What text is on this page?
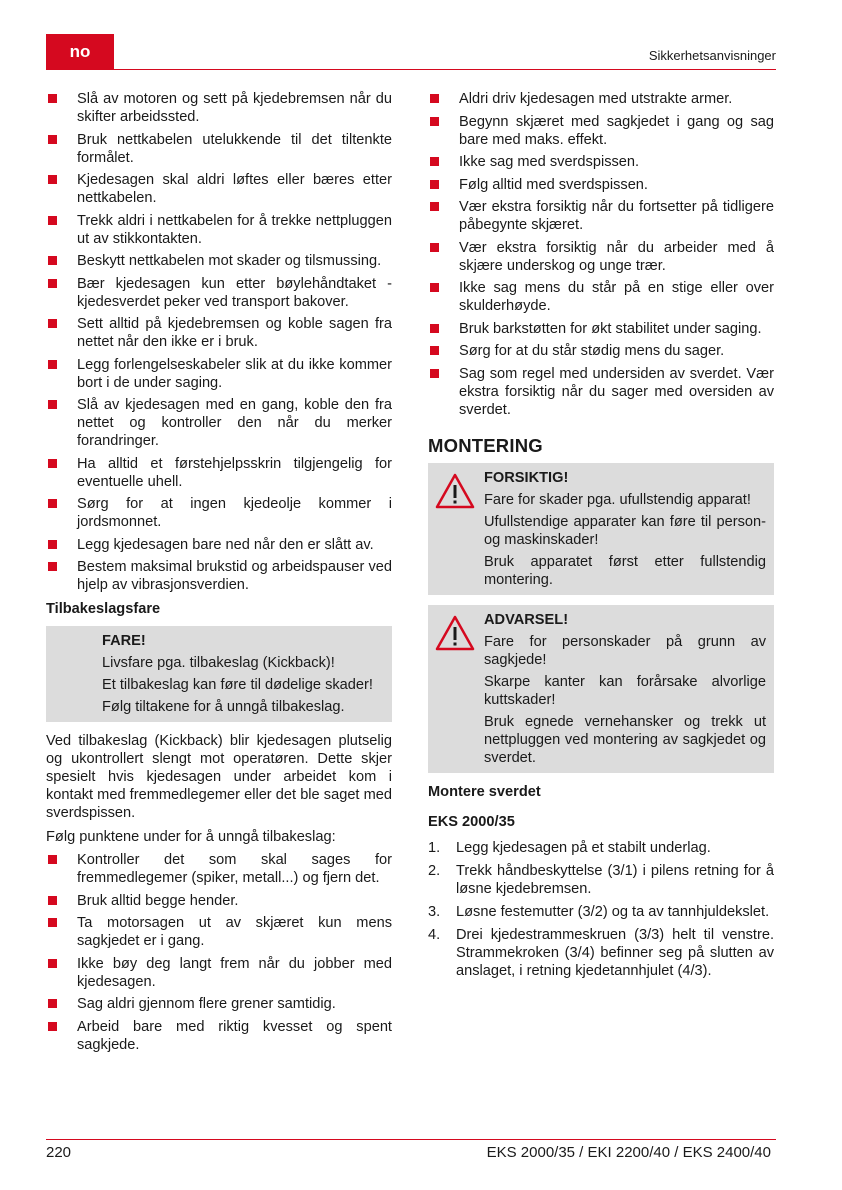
no	Sikkerhetsanvisninger
Slå av motoren og sett på kjedebremsen når du skifter arbeidssted.
Bruk nettkabelen utelukkende til det tiltenkte formålet.
Kjedesagen skal aldri løftes eller bæres etter nettkabelen.
Trekk aldri i nettkabelen for å trekke nettpluggen ut av stikkontakten.
Beskytt nettkabelen mot skader og tilsmussing.
Bær kjedesagen kun etter bøylehåndtaket - kjedesverdet peker ved transport bakover.
Sett alltid på kjedebremsen og koble sagen fra nettet når den ikke er i bruk.
Legg forlengelseskabeler slik at du ikke kommer bort i de under saging.
Slå av kjedesagen med en gang, koble den fra nettet og kontroller den når du merker forandringer.
Ha alltid et førstehjelpsskrin tilgjengelig for eventuelle uhell.
Sørg for at ingen kjedeolje kommer i jordsmonnet.
Legg kjedesagen bare ned når den er slått av.
Bestem maksimal brukstid og arbeidspauser ved hjelp av vibrasjonsverdien.
Tilbakeslagsfare
FARE!
Livsfare pga. tilbakeslag (Kickback)!
Et tilbakeslag kan føre til dødelige skader!
Følg tiltakene for å unngå tilbakeslag.
Ved tilbakeslag (Kickback) blir kjedesagen plutselig og ukontrollert slengt mot operatøren. Dette skjer spesielt hvis kjedesagen under arbeidet kom i kontakt med fremmedlegemer eller det ble saget med sverdspissen.
Følg punktene under for å unngå tilbakeslag:
Kontroller det som skal sages for fremmedlegemer (spiker, metall...) og fjern det.
Bruk alltid begge hender.
Ta motorsagen ut av skjæret kun mens sagkjedet er i gang.
Ikke bøy deg langt frem når du jobber med kjedesagen.
Sag aldri gjennom flere grener samtidig.
Arbeid bare med riktig kvesset og spent sagkjede.
Aldri driv kjedesagen med utstrakte armer.
Begynn skjæret med sagkjedet i gang og sag bare med maks. effekt.
Ikke sag med sverdspissen.
Følg alltid med sverdspissen.
Vær ekstra forsiktig når du fortsetter på tidligere påbegynte skjæret.
Vær ekstra forsiktig når du arbeider med å skjære underskog og unge trær.
Ikke sag mens du står på en stige eller over skulderhøyde.
Bruk barkstøtten for økt stabilitet under saging.
Sørg for at du står stødig mens du sager.
Sag som regel med undersiden av sverdet. Vær ekstra forsiktig når du sager med oversiden av sverdet.
MONTERING
FORSIKTIG!
Fare for skader pga. ufullstendig apparat!
Ufullstendige apparater kan føre til person- og maskinskader!
Bruk apparatet først etter fullstendig montering.
ADVARSEL!
Fare for personskader på grunn av sagkjede!
Skarpe kanter kan forårsake alvorlige kuttskader!
Bruk egnede vernehansker og trekk ut nettpluggen ved montering av sagkjedet og sverdet.
Montere sverdet
EKS 2000/35
1. Legg kjedesagen på et stabilt underlag.
2. Trekk håndbeskyttelse (3/1) i pilens retning for å løsne kjedebremsen.
3. Løsne festemutter (3/2) og ta av tannhjuldekslet.
4. Drei kjedestrammeskruen (3/3) helt til venstre. Strammekroken (3/4) befinner seg på slutten av anslaget, i retning kjedetannhjulet (4/3).
220	EKS 2000/35 / EKI 2200/40 / EKS 2400/40
